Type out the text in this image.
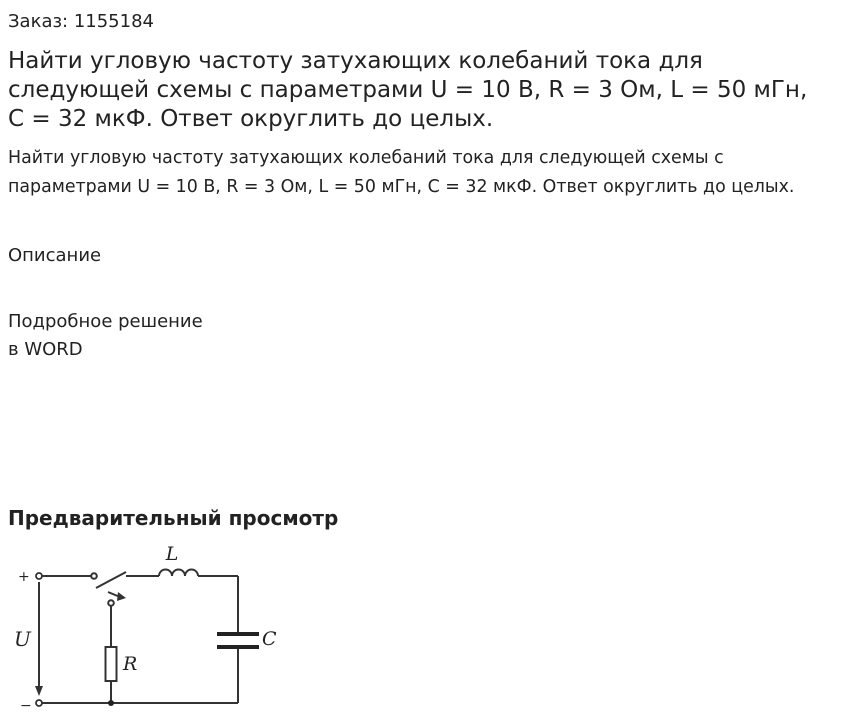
Заказ: 1155184
Найти угловую частоту затухающих колебаний тока для следующей схемы с параметрами U = 10 В, R = 3 Ом, L = 50 мГн, С = 32 мкФ. Ответ округлить до целых.

Найти угловую частоту затухающих колебаний тока для следующей схемы с параметрами U = 10 В, R = 3 Ом, L = 50 мГн, С = 32 мкФ. Ответ округлить до целых.

Описание
Подробное решение
в WORD
Предварительный просмотр
L
C
R
U
+
−
